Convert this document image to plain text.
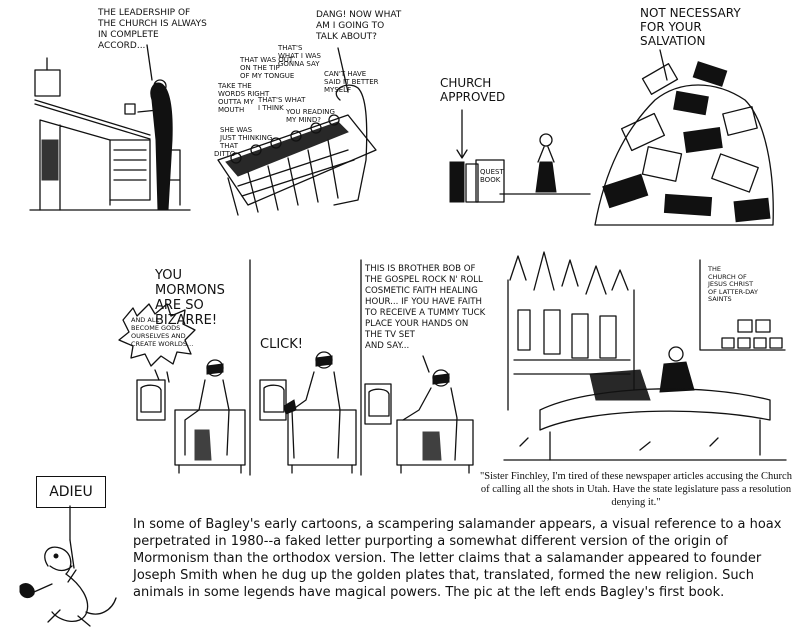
THE LEADERSHIP OF
THE CHURCH IS ALWAYS
IN COMPLETE ACCORD...
DANG! NOW WHAT
AM I GOING TO
TALK ABOUT?
THAT WAS OUT
ON THE TIP
OF MY TONGUE
THAT'S
WHAT I WAS
GONNA SAY
TAKE THE
WORDS RIGHT
OUTTA MY
MOUTH
THAT'S WHAT
I THINK YOU READING
MY MIND?
SHE WAS
JUST THINKING
THAT
CAN'T HAVE
SAID IT BETTER
MYSELF
DITTO
CHURCH
APPROVED
QUEST
BOOK
NOT NECESSARY
FOR YOUR
SALVATION
YOU MORMONS
ARE SO BIZARRE!
AND ALL
BECOME GODS
OURSELVES AND
CREATE WORLDS...	CLICK!
THIS IS BROTHER BOB OF
THE GOSPEL ROCK N' ROLL
COSMETIC FAITH HEALING
HOUR... IF YOU HAVE FAITH
TO RECEIVE A TUMMY TUCK
PLACE YOUR HANDS ON
THE TV SET
AND SAY...
THE
CHURCH OF
JESUS CHRIST
OF LATTER-DAY
SAINTS
"Sister Finchley, I'm tired of these newspaper articles accusing the Church of calling all the shots in Utah. Have the state legislature pass a resolution denying it."
ADIEU
In some of Bagley's early cartoons, a scampering salamander appears, a visual reference to a hoax perpetrated in 1980--a faked letter purporting a somewhat different version of the origin of Mormonism than the orthodox version. The letter claims that a salamander appeared to founder Joseph Smith when he dug up the golden plates that, translated, formed the new religion. Such animals in some legends have magical powers. The pic at the left ends Bagley's first book.
